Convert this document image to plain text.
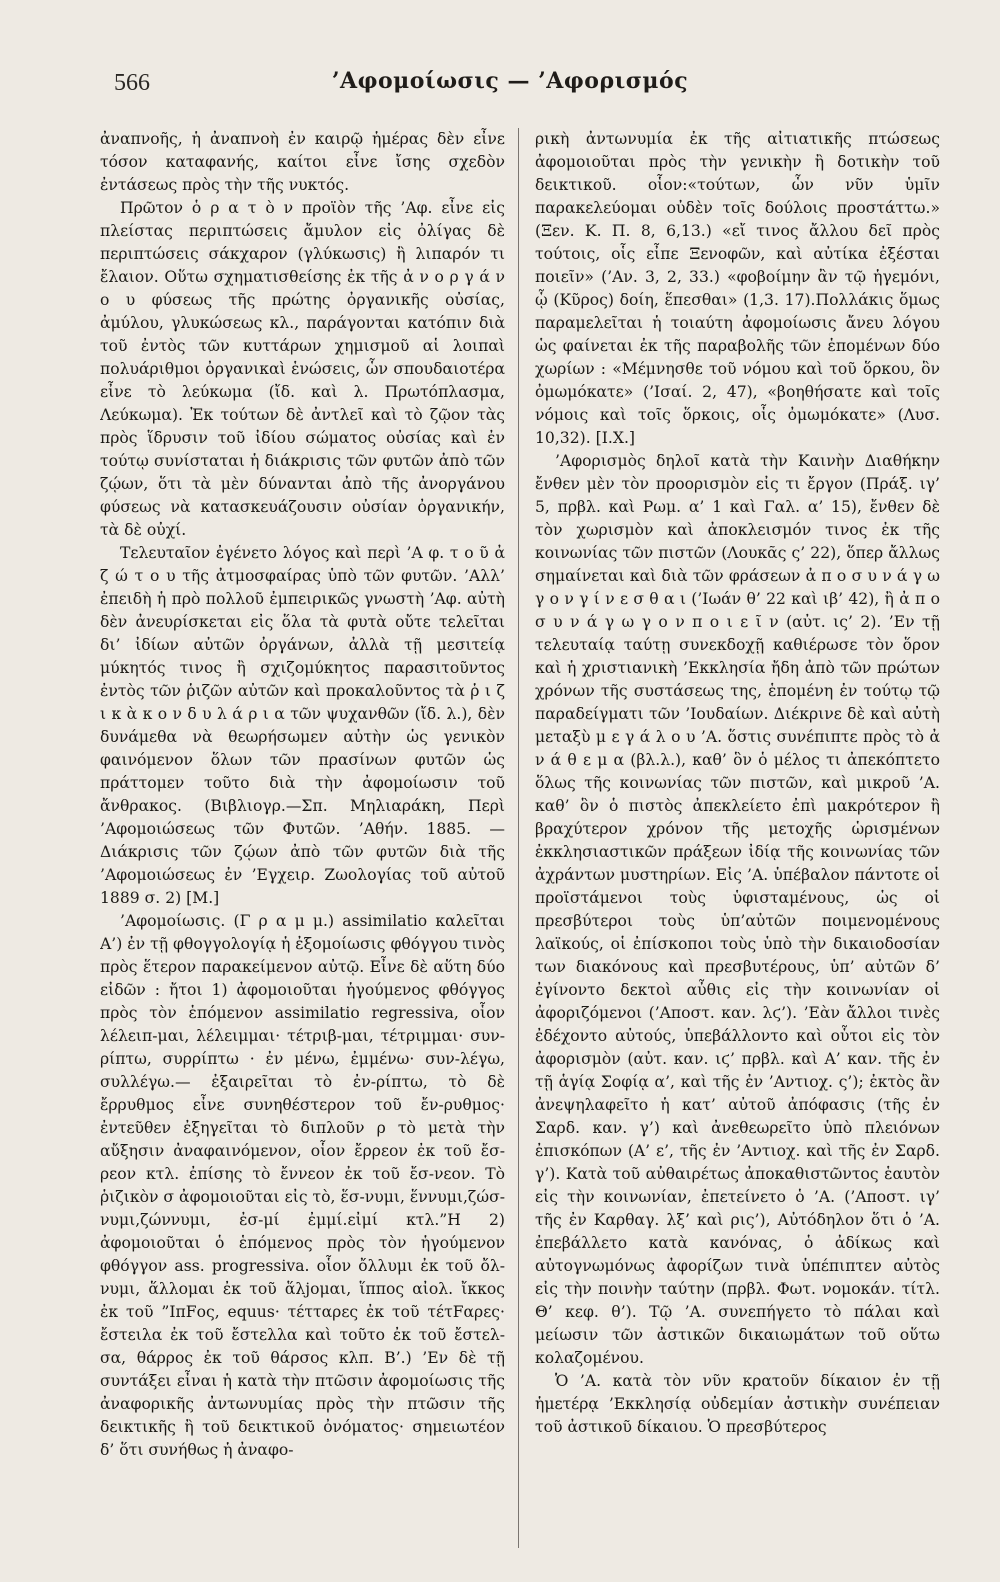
566	’Αφομοίωσις — ’Αφορισμός

ἀναπνοῆς, ἡ ἀναπνοὴ ἐν καιρῷ ἡμέρας δὲν εἶνε τόσον καταφανής, καίτοι εἶνε ἴσης σχεδὸν ἐντάσεως πρὸς τὴν τῆς νυκτός.

Πρῶτον ὁ ρ α τ ὸ ν προϊὸν τῆς ’Αφ. εἶνε εἰς πλείστας περιπτώσεις ἄμυλον εἰς ὀλίγας δὲ περιπτώσεις σάκχαρον (γλύκωσις) ἢ λιπαρόν τι ἔλαιον. Οὕτω σχηματισθείσης ἐκ τῆς ἀ ν ο ρ γ ά ν ο υ φύσεως τῆς πρώτης ὀργανικῆς οὐσίας, ἀμύλου, γλυκώσεως κλ., παράγονται κατόπιν διὰ τοῦ ἐντὸς τῶν κυττάρων χημισμοῦ αἱ λοιπαὶ πολυάριθμοι ὀργανικαὶ ἑνώσεις, ὧν σπουδαιοτέρα εἶνε τὸ λεύκωμα (ἴδ. καὶ λ. Πρωτόπλασμα, Λεύκωμα). Ἐκ τούτων δὲ ἀντλεῖ καὶ τὸ ζῷον τὰς πρὸς ἵδρυσιν τοῦ ἰδίου σώματος οὐσίας καὶ ἐν τούτῳ συνίσταται ἡ διάκρισις τῶν φυτῶν ἀπὸ τῶν ζῴων, ὅτι τὰ μὲν δύνανται ἀπὸ τῆς ἀνοργάνου φύσεως νὰ κατασκευάζουσιν οὐσίαν ὀργανικήν, τὰ δὲ οὐχί.

Τελευταῖον ἐγένετο λόγος καὶ περὶ ’Α φ. τ ο ῦ ἀ ζ ώ τ ο υ τῆς ἀτμοσφαίρας ὑπὸ τῶν φυτῶν. ’Αλλ’ ἐπειδὴ ἡ πρὸ πολλοῦ ἐμπειρικῶς γνωστὴ ’Αφ. αὐτὴ δὲν ἀνευρίσκεται εἰς ὅλα τὰ φυτὰ οὔτε τελεῖται δι’ ἰδίων αὐτῶν ὀργάνων, ἀλλὰ τῇ μεσιτείᾳ μύκητός τινος ἢ σχιζομύκητος παρασιτοῦντος ἐντὸς τῶν ῥιζῶν αὐτῶν καὶ προκαλοῦντος τὰ ῥ ι ζ ι κ ὰ κ ο ν δ υ λ ά ρ ι α τῶν ψυχανθῶν (ἴδ. λ.), δὲν δυνάμεθα νὰ θεωρήσωμεν αὐτὴν ὡς γενικὸν φαινόμενον ὅλων τῶν πρασίνων φυτῶν ὡς πράττομεν τοῦτο διὰ τὴν ἀφομοίωσιν τοῦ ἄνθρακος. (Βιβλιογρ.—Σπ. Μηλιαράκη, Περὶ ’Αφομοιώσεως τῶν Φυτῶν. ’Αθήν. 1885. — Διάκρισις τῶν ζῴων ἀπὸ τῶν φυτῶν διὰ τῆς ’Αφομοιώσεως ἐν ’Εγχειρ. Ζωολογίας τοῦ αὐτοῦ 1889 σ. 2) [Μ.]

’Αφομοίωσις. (Γ ρ α μ μ.) assimilatio καλεῖται Α’) ἐν τῇ φθογγολογίᾳ ἡ ἐξομοίωσις φθόγγου τινὸς πρὸς ἕτερον παρακείμενον αὐτῷ. Εἶνε δὲ αὕτη δύο εἰδῶν : ἤτοι 1) ἀφομοιοῦται ἡγούμενος φθόγγος πρὸς τὸν ἑπόμενον assimilatio regressiva, οἷον λέλειπ-μαι, λέλειμμαι· τέτριβ-μαι, τέτριμμαι· συν-ρίπτω, συρρίπτω · ἐν μένω, ἐμμένω· συν-λέγω, συλλέγω.— ἐξαιρεῖται τὸ ἐν-ρίπτω, τὸ δὲ ἔρρυθμος εἶνε συνηθέστερον τοῦ ἔν-ρυθμος· ἐντεῦθεν ἐξηγεῖται τὸ διπλοῦν ρ τὸ μετὰ τὴν αὔξησιν ἀναφαινόμενον, οἷον ἔρρεον ἐκ τοῦ ἔσ-ρεον κτλ. ἐπίσης τὸ ἔννεον ἐκ τοῦ ἔσ-νεον. Τὸ ῥιζικὸν σ ἀφομοιοῦται εἰς τὸ, ἕσ-νυμι, ἕννυμι,ζώσ-νυμι,ζώννυμι, ἐσ-μί ἐμμί.εἰμί κτλ.”Η 2) ἀφομοιοῦται ὁ ἑπόμενος πρὸς τὸν ἡγούμενον φθόγγον ass. progressiva. οἷον ὄλλυμι ἐκ τοῦ ὄλ-νυμι, ἅλλομαι ἐκ τοῦ ἅλjομαι, ἵππος αἰολ. ἴκκος ἐκ τοῦ ”ΙπFος, equus· τέτταρες ἐκ τοῦ τέτFαρες· ἔστειλα ἐκ τοῦ ἔστελλα καὶ τοῦτο ἐκ τοῦ ἔστελ-σα, θάρρος ἐκ τοῦ θάρσος κλπ. Β’.) ’Εν δὲ τῇ συντάξει εἶναι ἡ κατὰ τὴν πτῶσιν ἀφομοίωσις τῆς ἀναφορικῆς ἀντωνυμίας πρὸς τὴν πτῶσιν τῆς δεικτικῆς ἢ τοῦ δεικτικοῦ ὀνόματος· σημειωτέον δ’ ὅτι συνήθως ἡ ἀναφο-

ρικὴ ἀντωνυμία ἐκ τῆς αἰτιατικῆς πτώσεως ἀφομοιοῦται πρὸς τὴν γενικὴν ἢ δοτικὴν τοῦ δεικτικοῦ. οἷον:«τούτων, ὧν νῦν ὑμῖν παρακελεύομαι οὐδὲν τοῖς δούλοις προστάττω.» (Ξεν. Κ. Π. 8, 6,13.) «εἴ τινος ἄλλου δεῖ πρὸς τούτοις, οἷς εἶπε Ξενοφῶν, καὶ αὐτίκα ἐξέσται ποιεῖν» (’Αν. 3, 2, 33.) «φοβοίμην ἂν τῷ ἡγεμόνι, ᾧ (Κῦρος) δοίη, ἕπεσθαι» (1,3. 17).Πολλάκις ὅμως παραμελεῖται ἡ τοιαύτη ἀφομοίωσις ἄνευ λόγου ὡς φαίνεται ἐκ τῆς παραβολῆς τῶν ἑπομένων δύο χωρίων : «Μέμνησθε τοῦ νόμου καὶ τοῦ ὅρκου, ὃν ὀμωμόκατε» (’Ισαί. 2, 47), «βοηθήσατε καὶ τοῖς νόμοις καὶ τοῖς ὅρκοις, οἷς ὀμωμόκατε» (Λυσ. 10,32). [Ι.Χ.]

’Αφορισμὸς δηλοῖ κατὰ τὴν Καινὴν Διαθήκην ἔνθεν μὲν τὸν προορισμὸν εἰς τι ἔργον (Πράξ. ιγ’ 5, πρβλ. καὶ Ρωμ. α’ 1 καὶ Γαλ. α’ 15), ἔνθεν δὲ τὸν χωρισμὸν καὶ ἀποκλεισμόν τινος ἐκ τῆς κοινωνίας τῶν πιστῶν (Λουκᾶς ς’ 22), ὅπερ ἄλλως σημαίνεται καὶ διὰ τῶν φράσεων ἀ π ο σ υ ν ά γ ω γ ο ν γ ί ν ε σ θ α ι (’Ιωάν θ’ 22 καὶ ιβ’ 42), ἢ ἀ π ο σ υ ν ά γ ω γ ο ν π ο ι ε ῖ ν (αὐτ. ις’ 2). ’Εν τῇ τελευταίᾳ ταύτῃ συνεκδοχῇ καθιέρωσε τὸν ὅρον καὶ ἡ χριστιανικὴ ’Εκκλησία ἤδη ἀπὸ τῶν πρώτων χρόνων τῆς συστάσεως της, ἑπομένη ἐν τούτῳ τῷ παραδείγματι τῶν ’Ιουδαίων. Διέκρινε δὲ καὶ αὐτὴ μεταξὺ μ ε γ ά λ ο υ ’Α. ὅστις συνέπιπτε πρὸς τὸ ἀ ν ά θ ε μ α (βλ.λ.), καθ’ ὃν ὁ μέλος τι ἀπεκόπτετο ὅλως τῆς κοινωνίας τῶν πιστῶν, καὶ μικροῦ ’Α. καθ’ ὃν ὁ πιστὸς ἀπεκλείετο ἐπὶ μακρότερον ἢ βραχύτερον χρόνον τῆς μετοχῆς ὡρισμένων ἐκκλησιαστικῶν πράξεων ἰδίᾳ τῆς κοινωνίας τῶν ἀχράντων μυστηρίων. Εἰς ’Α. ὑπέβαλον πάντοτε οἱ προϊστάμενοι τοὺς ὑφισταμένους, ὡς οἱ πρεσβύτεροι τοὺς ὑπ’αὐτῶν ποιμενομένους λαϊκούς, οἱ ἐπίσκοποι τοὺς ὑπὸ τὴν δικαιοδοσίαν των διακόνους καὶ πρεσβυτέρους, ὑπ’ αὐτῶν δ’ ἐγίνοντο δεκτοὶ αὖθις εἰς τὴν κοινωνίαν οἱ ἀφοριζόμενοι (’Αποστ. καν. λϛ’). ’Εὰν ἄλλοι τινὲς ἐδέχοντο αὐτούς, ὑπεβάλλοντο καὶ οὗτοι εἰς τὸν ἀφορισμὸν (αὐτ. καν. ιϛ’ πρβλ. καὶ Α’ καν. τῆς ἐν τῇ ἁγίᾳ Σοφίᾳ α’, καὶ τῆς ἐν ’Αντιοχ. ς’); ἐκτὸς ἂν ἀνεψηλαφεῖτο ἡ κατ’ αὐτοῦ ἀπόφασις (τῆς ἐν Σαρδ. καν. γ’) καὶ ἀνεθεωρεῖτο ὑπὸ πλειόνων ἐπισκόπων (Α’ ε’, τῆς ἐν ’Αντιοχ. καὶ τῆς ἐν Σαρδ. γ’). Κατὰ τοῦ αὐθαιρέτως ἀποκαθιστῶντος ἑαυτὸν εἰς τὴν κοινωνίαν, ἐπετείνετο ὁ ’Α. (’Αποστ. ιγ’ τῆς ἐν Καρθαγ. λξ’ καὶ ρις’), Αὐτόδηλον ὅτι ὁ ’Α. ἐπεβάλλετο κατὰ κανόνας, ὁ ἀδίκως καὶ αὐτογνωμόνως ἀφορίζων τινὰ ὑπέπιπτεν αὐτὸς εἰς τὴν ποινὴν ταύτην (πρβλ. Φωτ. νομοκάν. τίτλ. Θ’ κεφ. θ’). Τῷ ’Α. συνεπήγετο τὸ πάλαι καὶ μείωσιν τῶν ἀστικῶν δικαιωμάτων τοῦ οὕτω κολαζομένου.

Ὁ ’Α. κατὰ τὸν νῦν κρατοῦν δίκαιον ἐν τῇ ἡμετέρᾳ ’Εκκλησίᾳ οὐδεμίαν ἀστικὴν συνέπειαν τοῦ ἀστικοῦ δίκαιου. Ὁ πρεσβύτερος
